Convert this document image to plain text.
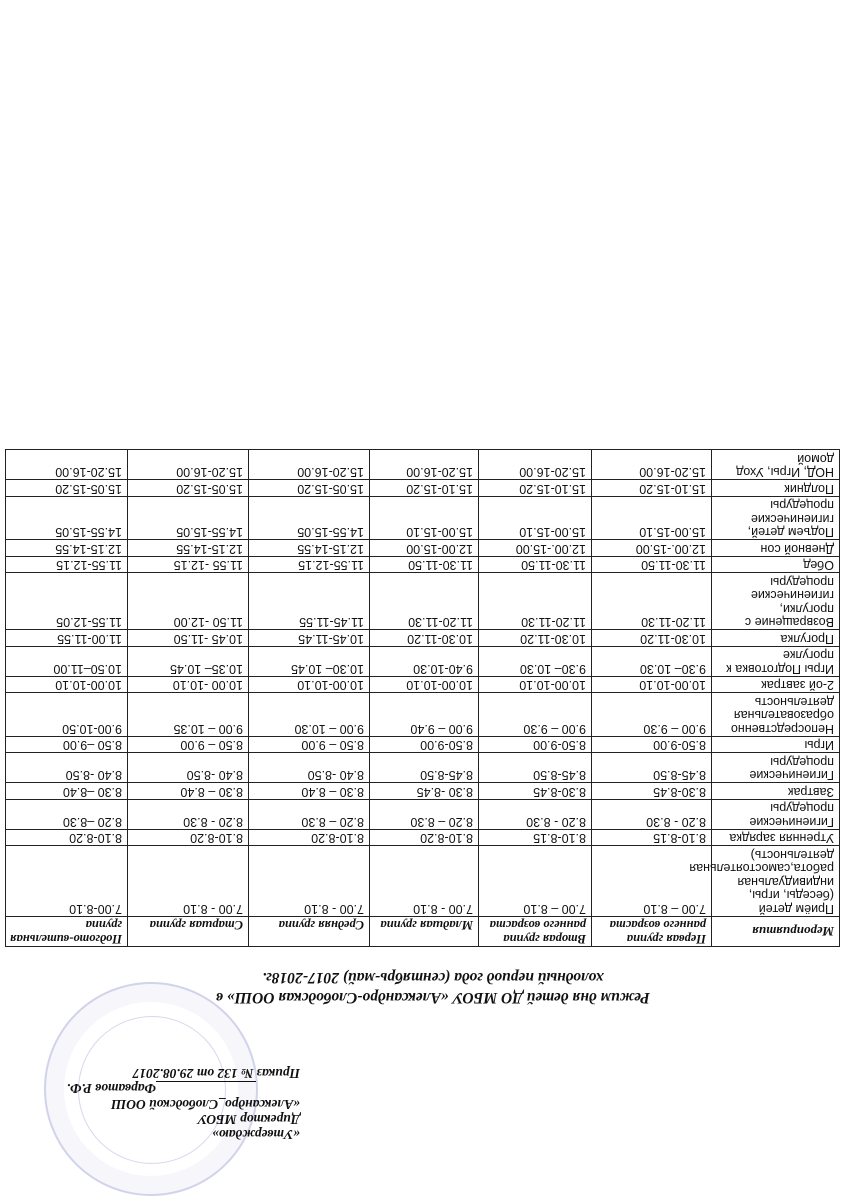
«Утверждаю»
Директор МБОУ
«Александро_Слободской ООШ
Фарватов Р.Ф.
Приказ № 132 от 29.08.2017
Режим дня детей ДО МБОУ «Александро-Слободская ООШ» в
холодный период года (сентябрь-май) 2017-2018г.
Мероприятия	Первая группа раннего возраста	Вторая группа раннего возраста	Младшая группа	Средняя группа	Старшая группа	Подгото-вительная группа
Приём детей (беседы, игры, индивидуальная работа,самостоятельная деятельность)	7.00 – 8.10	7.00 – 8.10	7.00 - 8.10	7.00 - 8.10	7.00 - 8.10	7.00-8.10
Утренняя зарядка	8.10-8.15	8.10-8.15	8.10-8.20	8.10-8.20	8.10-8.20	8.10-8.20
Гигиенические процедуры	8.20 - 8.30	8.20 - 8.30	8.20 – 8.30	8.20 – 8.30	8.20 - 8.30	8.20 –8.30
Завтрак	8.30-8.45	8.30-8.45	8.30 -8.45	8.30 – 8.40	8.30 – 8.40	8.30 –8.40
Гигиенические процедуры	8.45-8.50	8.45-8.50	8.45-8.50	8.40 -8.50	8.40 -8.50	8.40 -8.50
Игры	8.50-9.00	8.50-9.00	8.50-9.00	8.50 – 9.00	8.50 – 9.00	8.50 –9.00
Непосредственно образовательная деятельность	9.00 – 9.30	9.00 – 9.30	9.00 – 9.40	9.00 – 10.30	9.00 – 10.35	9.00-10.50
2-ой завтрак	10.00-10.10	10.00-10.10	10.00-10.10	10.00-10.10	10.00 -10.10	10.00-10.10
Игры Подготовка к прогулке	9.30– 10.30	9.30– 10.30	9.40-10.30	10.30– 10.45	10.35– 10.45	10.50–11.00
Прогулка	10.30-11.20	10.30-11.20	10.30-11.20	10.45-11.45	10.45 -11.50	11.00-11.55
Возвращение с прогулки, гигиенические процедуры	11.20-11.30	11.20-11.30	11.20-11.30	11.45-11.55	11.50 -12.00	11.55-12.05
Обед	11.30-11.50	11.30-11.50	11.30-11.50	11.55-12.15	11.55 -12.15	11.55-12.15
Дневной сон	12.00.-15.00	12.00.-15.00	12.00-15.00	12.15-14.55	12.15-14.55	12.15-14.55
Подъем детей, гигиенические процедуры	15.00-15.10	15.00-15.10	15.00-15.10	14.55-15.05	14.55-15.05	14.55-15.05
Полдник	15.10-15.20	15.10-15.20	15.10-15.20	15.05-15.20	15.05-15.20	15.05-15.20
НОД, Игры, Уход домой	15.20-16.00	15.20-16.00	15.20-16.00	15.20-16.00	15.20-16.00	15.20-16.00
